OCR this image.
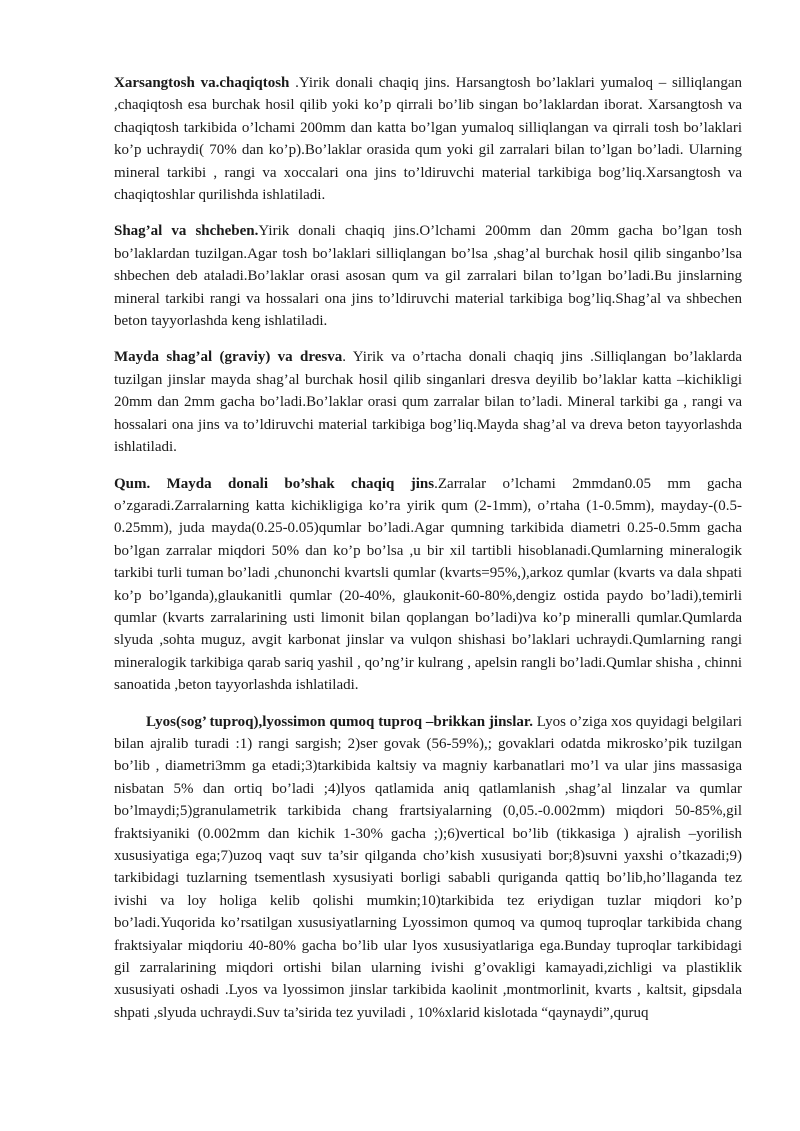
Xarsangtosh va.chaqiqtosh .Yirik donali chaqiq jins. Harsangtosh bo’laklari yumaloq – silliqlangan ,chaqiqtosh esa burchak hosil qilib yoki ko’p qirrali bo’lib singan bo’laklardan iborat. Xarsangtosh va chaqiqtosh tarkibida o’lchami 200mm dan katta bo’lgan yumaloq silliqlangan va qirrali tosh bo’laklari ko’p uchraydi( 70% dan ko’p).Bo’laklar orasida qum yoki gil zarralari bilan to’lgan bo’ladi. Ularning mineral tarkibi , rangi va xoccalari ona jins to’ldiruvchi material tarkibiga bog’liq.Xarsangtosh va chaqiqtoshlar qurilishda ishlatiladi.

Shag’al va shcheben.Yirik donali chaqiq jins.O’lchami 200mm dan 20mm gacha bo’lgan tosh bo’laklardan tuzilgan.Agar tosh bo’laklari silliqlangan bo’lsa ,shag’al burchak hosil qilib singanbo’lsa shbechen deb ataladi.Bo’laklar orasi asosan qum va gil zarralari bilan to’lgan bo’ladi.Bu jinslarning mineral tarkibi rangi va hossalari ona jins to’ldiruvchi material tarkibiga bog’liq.Shag’al va shbechen beton tayyorlashda keng ishlatiladi.

Mayda shag’al (graviy) va dresva. Yirik va o’rtacha donali chaqiq jins .Silliqlangan bo’laklarda tuzilgan jinslar mayda shag’al burchak hosil qilib singanlari dresva deyilib bo’laklar katta –kichikligi 20mm dan 2mm gacha bo’ladi.Bo’laklar orasi qum zarralar bilan to’ladi. Mineral tarkibi ga , rangi va hossalari ona jins va to’ldiruvchi material tarkibiga bog’liq.Mayda shag’al va dreva beton tayyorlashda ishlatiladi.

Qum. Mayda donali bo’shak chaqiq jins.Zarralar o’lchami 2mmdan0.05 mm gacha o’zgaradi.Zarralarning katta kichikligiga ko’ra yirik qum (2-1mm), o’rtaha (1-0.5mm), mayday-(0.5-0.25mm), juda mayda(0.25-0.05)qumlar bo’ladi.Agar qumning tarkibida diametri 0.25-0.5mm gacha bo’lgan zarralar miqdori 50% dan ko’p bo’lsa ,u bir xil tartibli hisoblanadi.Qumlarning mineralogik tarkibi turli tuman bo’ladi ,chunonchi kvartsli qumlar (kvarts=95%,),arkoz qumlar (kvarts va dala shpati ko’p bo’lganda),glaukanitli qumlar (20-40%, glaukonit-60-80%,dengiz ostida paydo bo’ladi),temirli qumlar (kvarts zarralarining usti limonit bilan qoplangan bo’ladi)va ko’p mineralli qumlar.Qumlarda slyuda ,sohta muguz, avgit karbonat jinslar va vulqon shishasi bo’laklari uchraydi.Qumlarning rangi mineralogik tarkibiga qarab sariq yashil , qo’ng’ir kulrang , apelsin rangli bo’ladi.Qumlar shisha , chinni sanoatida ,beton tayyorlashda ishlatiladi.

Lyos(sog’ tuproq),lyossimon qumoq tuproq –brikkan jinslar. Lyos o’ziga xos quyidagi belgilari bilan ajralib turadi :1) rangi sargish; 2)ser govak (56-59%),; govaklari odatda mikrosko’pik tuzilgan bo’lib , diametri3mm ga etadi;3)tarkibida kaltsiy va magniy karbanatlari mo’l va ular jins massasiga nisbatan 5% dan ortiq bo’ladi ;4)lyos qatlamida aniq qatlamlanish ,shag’al linzalar va qumlar bo’lmaydi;5)granulametrik tarkibida chang frartsiyalarning (0,05.-0.002mm) miqdori 50-85%,gil fraktsiyaniki (0.002mm dan kichik 1-30% gacha ;);6)vertical bo’lib (tikkasiga ) ajralish –yorilish xususiyatiga ega;7)uzoq vaqt suv ta’sir qilganda cho’kish xususiyati bor;8)suvni yaxshi o’tkazadi;9) tarkibidagi tuzlarning tsementlash xysusiyati borligi sababli quriganda qattiq bo’lib,ho’llaganda tez ivishi va loy holiga kelib qolishi mumkin;10)tarkibida tez eriydigan tuzlar miqdori ko’p bo’ladi.Yuqorida ko’rsatilgan xususiyatlarning Lyossimon qumoq va qumoq tuproqlar tarkibida chang fraktsiyalar miqdoriu 40-80% gacha bo’lib ular lyos xususiyatlariga ega.Bunday tuproqlar tarkibidagi gil zarralarining miqdori ortishi bilan ularning ivishi g’ovakligi kamayadi,zichligi va plastiklik xususiyati oshadi .Lyos va lyossimon jinslar tarkibida kaolinit ,montmorlinit, kvarts , kaltsit, gipsdala shpati ,slyuda uchraydi.Suv ta’sirida tez yuviladi , 10%xlarid kislotada “qaynaydi”,quruq
